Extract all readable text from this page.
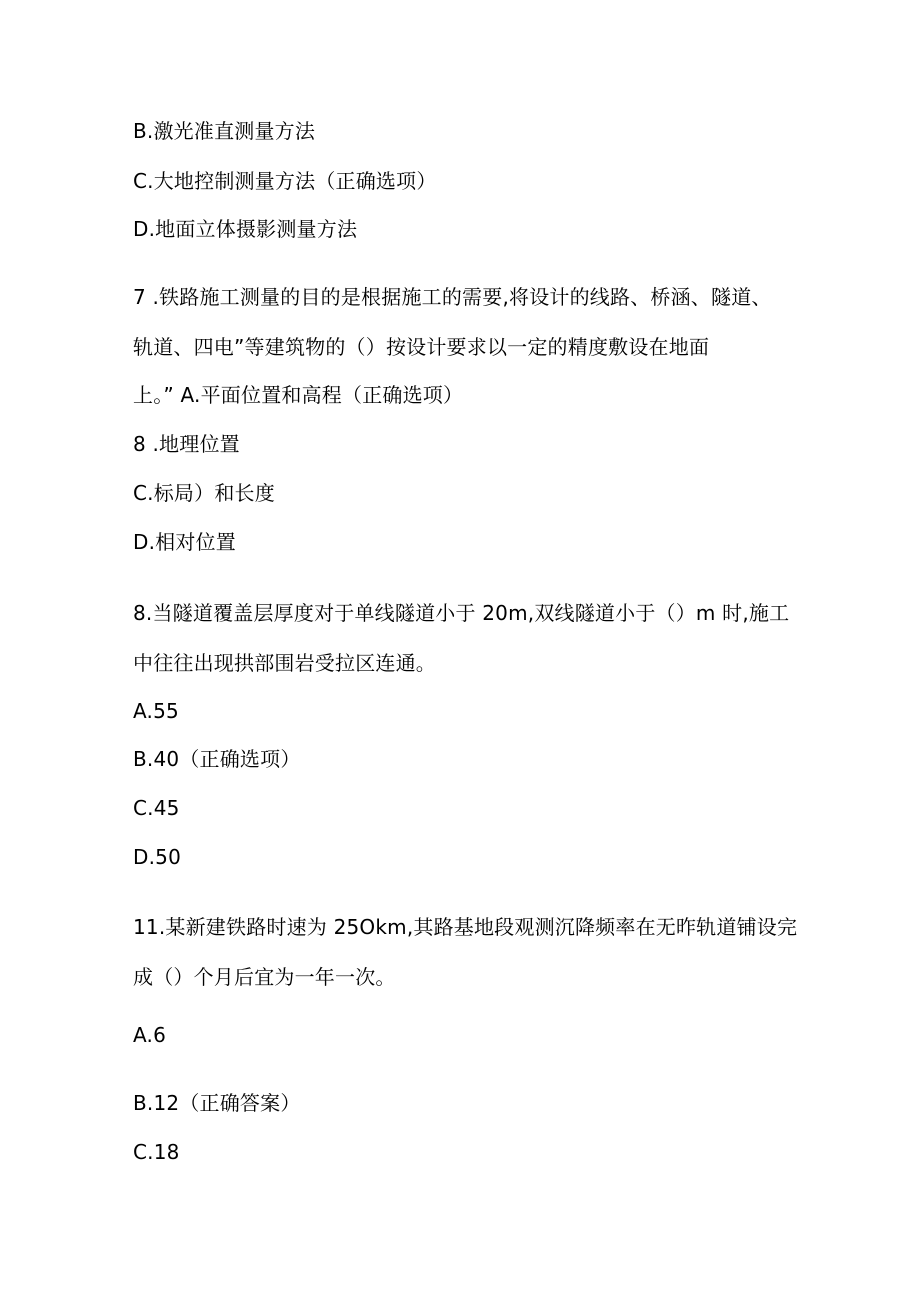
B.激光准直测量方法
C.大地控制测量方法（正确选项）
D.地面立体摄影测量方法
7 .铁路施工测量的目的是根据施工的需要,将设计的线路、桥涵、隧道、
轨道、四电”等建筑物的（）按设计要求以一定的精度敷设在地面
上。” A.平面位置和高程（正确选项）
8 .地理位置
C.标局）和长度
D.相对位置
8.当隧道覆盖层厚度对于单线隧道小于 20m,双线隧道小于（）m 时,施工
中往往出现拱部围岩受拉区连通。
A.55
B.40（正确选项）
C.45
D.50
11.某新建铁路时速为 25Okm,其路基地段观测沉降频率在无昨轨道铺设完
成（）个月后宜为一年一次。
A.6
B.12（正确答案）
C.18
